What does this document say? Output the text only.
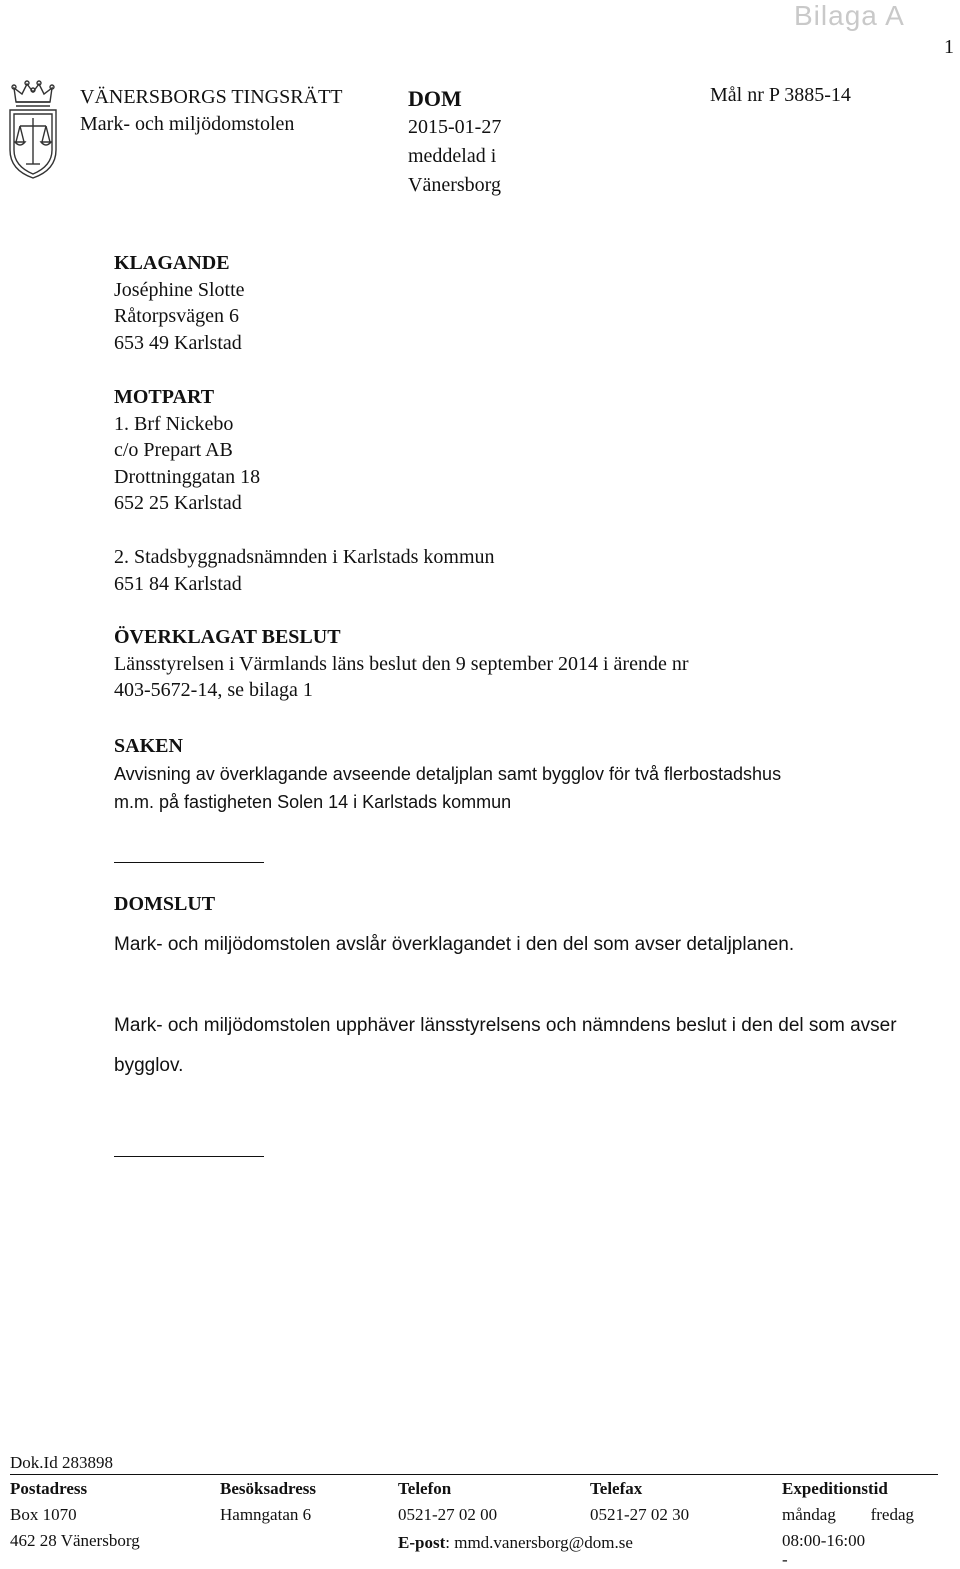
Bilaga A
1
VÄNERSBORGS TINGSRÄTT
Mark- och miljödomstolen
DOM
2015-01-27
meddelad i
Vänersborg
Mål nr P 3885-14
KLAGANDE
Joséphine Slotte
Råtorpsvägen 6
653 49 Karlstad
MOTPART
1. Brf Nickebo
c/o Prepart AB
Drottninggatan 18
652 25 Karlstad
2. Stadsbyggnadsnämnden i Karlstads kommun
651 84 Karlstad
ÖVERKLAGAT BESLUT
Länsstyrelsen i Värmlands läns beslut den 9 september 2014 i ärende nr
403-5672-14, se bilaga 1
SAKEN
Avvisning av överklagande avseende detaljplan samt bygglov för två flerbostadshus
m.m. på fastigheten Solen 14 i Karlstads kommun
DOMSLUT
Mark- och miljödomstolen avslår överklagandet i den del som avser detaljplanen.
Mark- och miljödomstolen upphäver länsstyrelsens och nämndens beslut i den del som avser bygglov.
Dok.Id 283898
Postadress
Box 1070
462 28 Vänersborg
Besöksadress
Hamngatan 6
Telefon
0521-27 02 00
E-post: mmd.vanersborg@dom.se
Telefax
0521-27 02 30
Expeditionstid
måndag fredag
08:00-16:00
-
